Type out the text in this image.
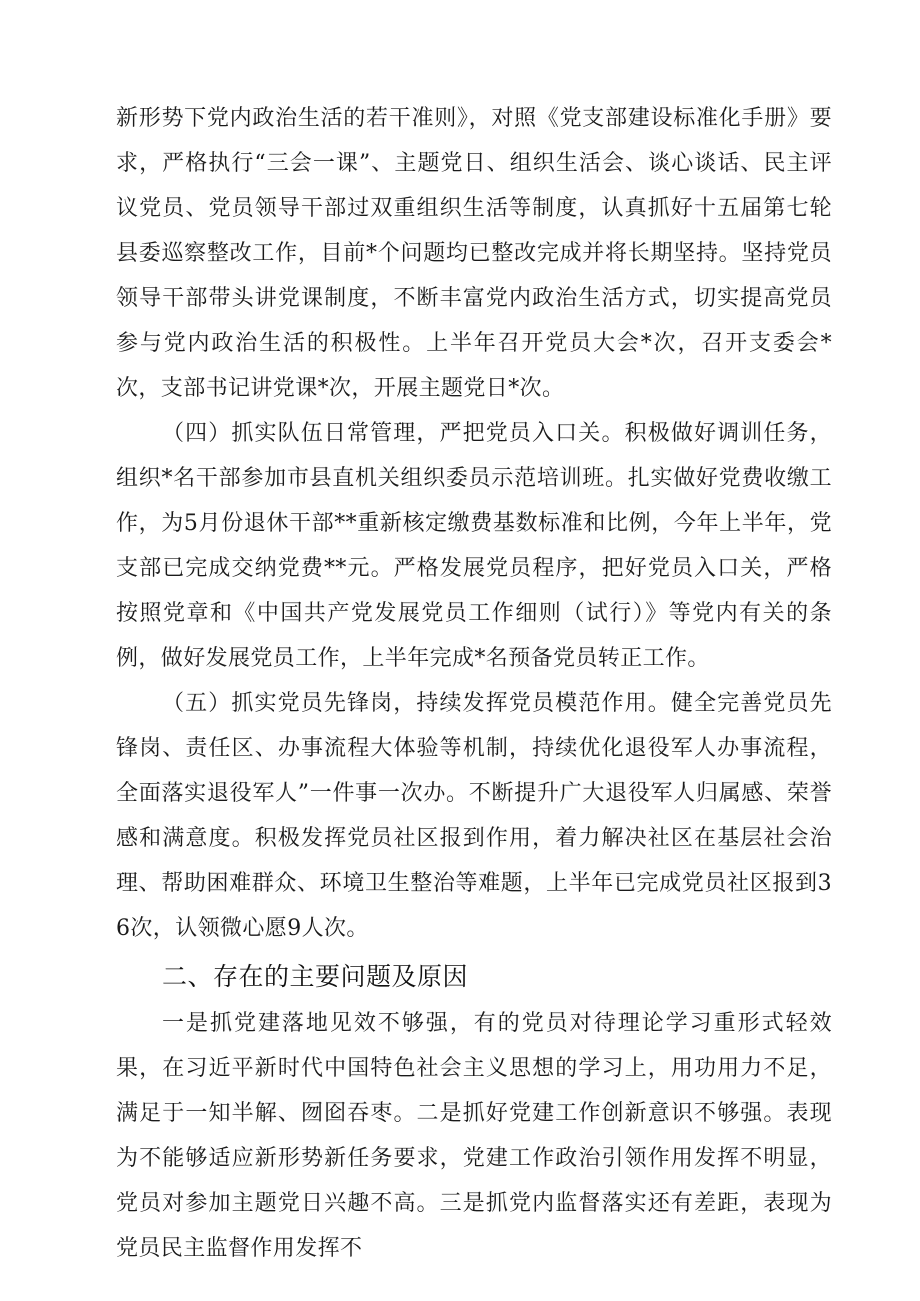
新形势下党内政治生活的若干准则》，对照《党支部建设标准化手册》要求，严格执行“三会一课”、主题党日、组织生活会、谈心谈话、民主评议党员、党员领导干部过双重组织生活等制度，认真抓好十五届第七轮县委巡察整改工作，目前*个问题均已整改完成并将长期坚持。坚持党员领导干部带头讲党课制度，不断丰富党内政治生活方式，切实提高党员参与党内政治生活的积极性。上半年召开党员大会*次，召开支委会*次，支部书记讲党课*次，开展主题党日*次。

（四）抓实队伍日常管理，严把党员入口关。积极做好调训任务，组织*名干部参加市县直机关组织委员示范培训班。扎实做好党费收缴工作，为5月份退休干部**重新核定缴费基数标准和比例，今年上半年，党支部已完成交纳党费**元。严格发展党员程序，把好党员入口关，严格按照党章和《中国共产党发展党员工作细则（试行）》等党内有关的条例，做好发展党员工作，上半年完成*名预备党员转正工作。

（五）抓实党员先锋岗，持续发挥党员模范作用。健全完善党员先锋岗、责任区、办事流程大体验等机制，持续优化退役军人办事流程，全面落实退役军人”一件事一次办。不断提升广大退役军人归属感、荣誉感和满意度。积极发挥党员社区报到作用，着力解决社区在基层社会治理、帮助困难群众、环境卫生整治等难题，上半年已完成党员社区报到36次，认领微心愿9人次。

二、存在的主要问题及原因

一是抓党建落地见效不够强，有的党员对待理论学习重形式轻效果，在习近平新时代中国特色社会主义思想的学习上，用功用力不足，满足于一知半解、囫囵吞枣。二是抓好党建工作创新意识不够强。表现为不能够适应新形势新任务要求，党建工作政治引领作用发挥不明显，党员对参加主题党日兴趣不高。三是抓党内监督落实还有差距，表现为党员民主监督作用发挥不
